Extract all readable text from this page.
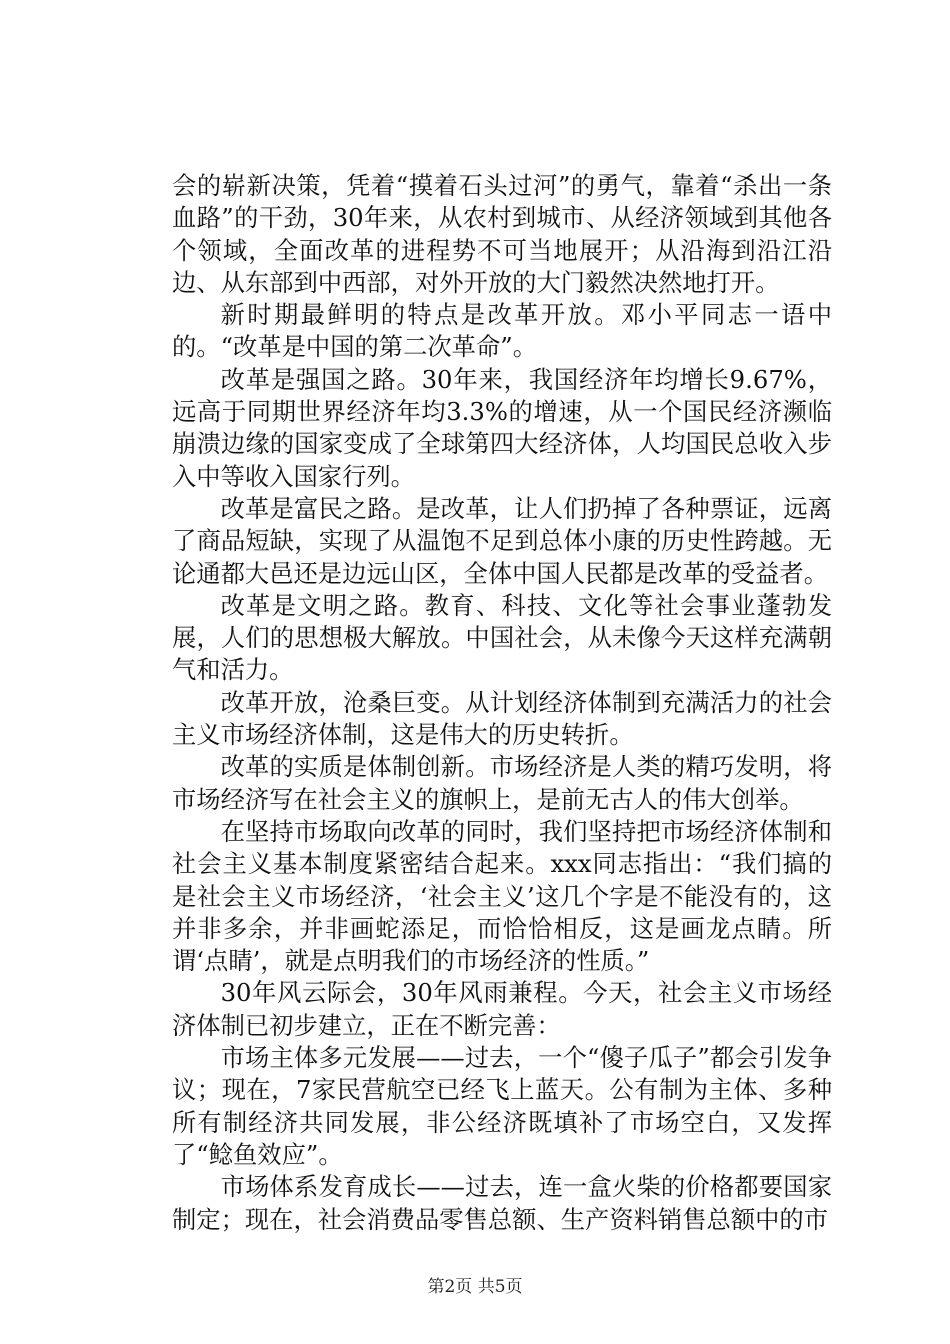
会的崭新决策，凭着“摸着石头过河”的勇气，靠着“杀出一条血路”的干劲，30年来，从农村到城市、从经济领域到其他各个领域，全面改革的进程势不可当地展开；从沿海到沿江沿边、从东部到中西部，对外开放的大门毅然决然地打开。

新时期最鲜明的特点是改革开放。邓小平同志一语中的。“改革是中国的第二次革命”。

改革是强国之路。30年来，我国经济年均增长9.67%，远高于同期世界经济年均3.3%的增速，从一个国民经济濒临崩溃边缘的国家变成了全球第四大经济体，人均国民总收入步入中等收入国家行列。

改革是富民之路。是改革，让人们扔掉了各种票证，远离了商品短缺，实现了从温饱不足到总体小康的历史性跨越。无论通都大邑还是边远山区，全体中国人民都是改革的受益者。

改革是文明之路。教育、科技、文化等社会事业蓬勃发展，人们的思想极大解放。中国社会，从未像今天这样充满朝气和活力。

改革开放，沧桑巨变。从计划经济体制到充满活力的社会主义市场经济体制，这是伟大的历史转折。

改革的实质是体制创新。市场经济是人类的精巧发明，将市场经济写在社会主义的旗帜上，是前无古人的伟大创举。

在坚持市场取向改革的同时，我们坚持把市场经济体制和社会主义基本制度紧密结合起来。xxx同志指出：“我们搞的是社会主义市场经济，‘社会主义’这几个字是不能没有的，这并非多余，并非画蛇添足，而恰恰相反，这是画龙点睛。所谓‘点睛’，就是点明我们的市场经济的性质。”

30年风云际会，30年风雨兼程。今天，社会主义市场经济体制已初步建立，正在不断完善：

市场主体多元发展——过去，一个“傻子瓜子”都会引发争议；现在，7家民营航空已经飞上蓝天。公有制为主体、多种所有制经济共同发展，非公经济既填补了市场空白，又发挥了“鲶鱼效应”。

市场体系发育成长——过去，连一盒火柴的价格都要国家制定；现在，社会消费品零售总额、生产资料销售总额中的市

第2页 共5页
